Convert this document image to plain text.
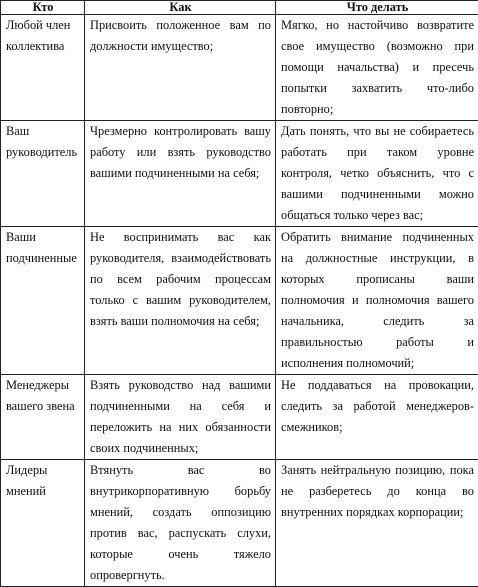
Кто	Как	Что делать
Любой член коллектива	Присвоить положенное вам по должности имущество;	Мягко, но настойчиво возвратите свое имущество (возможно при помощи начальства) и пресечь попытки захватить что-либо повторно;
Ваш руководитель	Чрезмерно контролировать вашу работу или взять руководство вашими подчиненными на себя;	Дать понять, что вы не собираетесь работать при таком уровне контроля, четко объяснить, что с вашими подчиненными можно общаться только через вас;
Ваши подчиненные	Не воспринимать вас как руководителя, взаимодействовать по всем рабочим процессам только с вашим руководителем, взять ваши полномочия на себя;	Обратить внимание подчиненных на должностные инструкции, в которых прописаны ваши полномочия и полномочия вашего начальника, следить за правильностью работы и исполнения полномочий;
Менеджеры вашего звена	Взять руководство над вашими подчиненными на себя и переложить на них обязанности своих подчиненных;	Не поддаваться на провокации, следить за работой менеджеров-смежников;
Лидеры мнений	Втянуть вас во внутрикорпоративную борьбу мнений, создать оппозицию против вас, распускать слухи, которые очень тяжело опровергнуть.	Занять нейтральную позицию, пока не разберетесь до конца во внутренних порядках корпорации;
